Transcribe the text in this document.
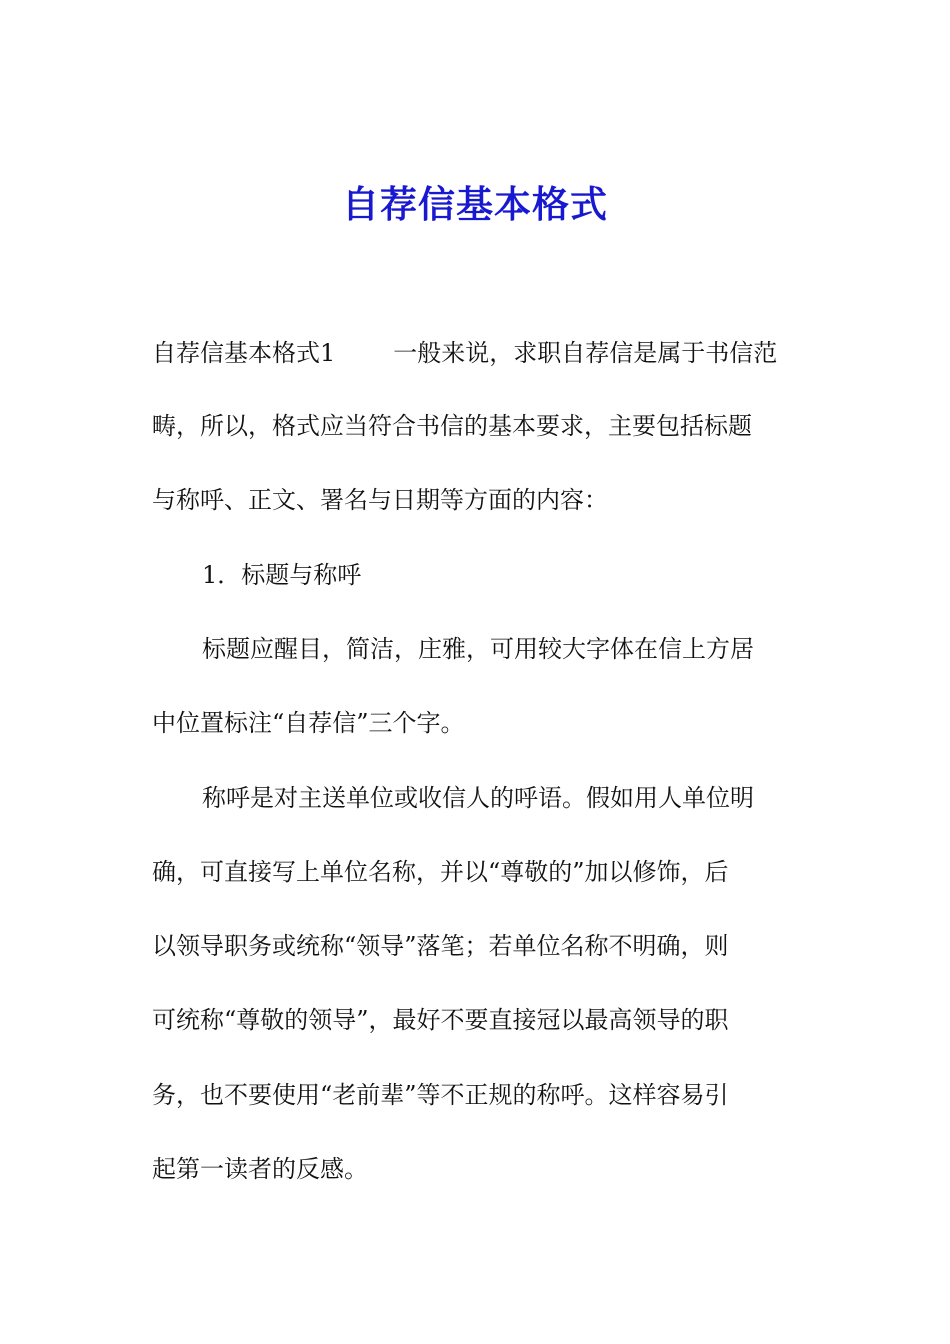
自荐信基本格式

自荐信基本格式1 一般来说，求职自荐信是属于书信范

畴，所以，格式应当符合书信的基本要求，主要包括标题

与称呼、正文、署名与日期等方面的内容：

1．标题与称呼

标题应醒目，简洁，庄雅，可用较大字体在信上方居

中位置标注“自荐信”三个字。

称呼是对主送单位或收信人的呼语。假如用人单位明

确，可直接写上单位名称，并以“尊敬的”加以修饰，后

以领导职务或统称“领导”落笔；若单位名称不明确，则

可统称“尊敬的领导”，最好不要直接冠以最高领导的职

务，也不要使用“老前辈”等不正规的称呼。这样容易引

起第一读者的反感。
